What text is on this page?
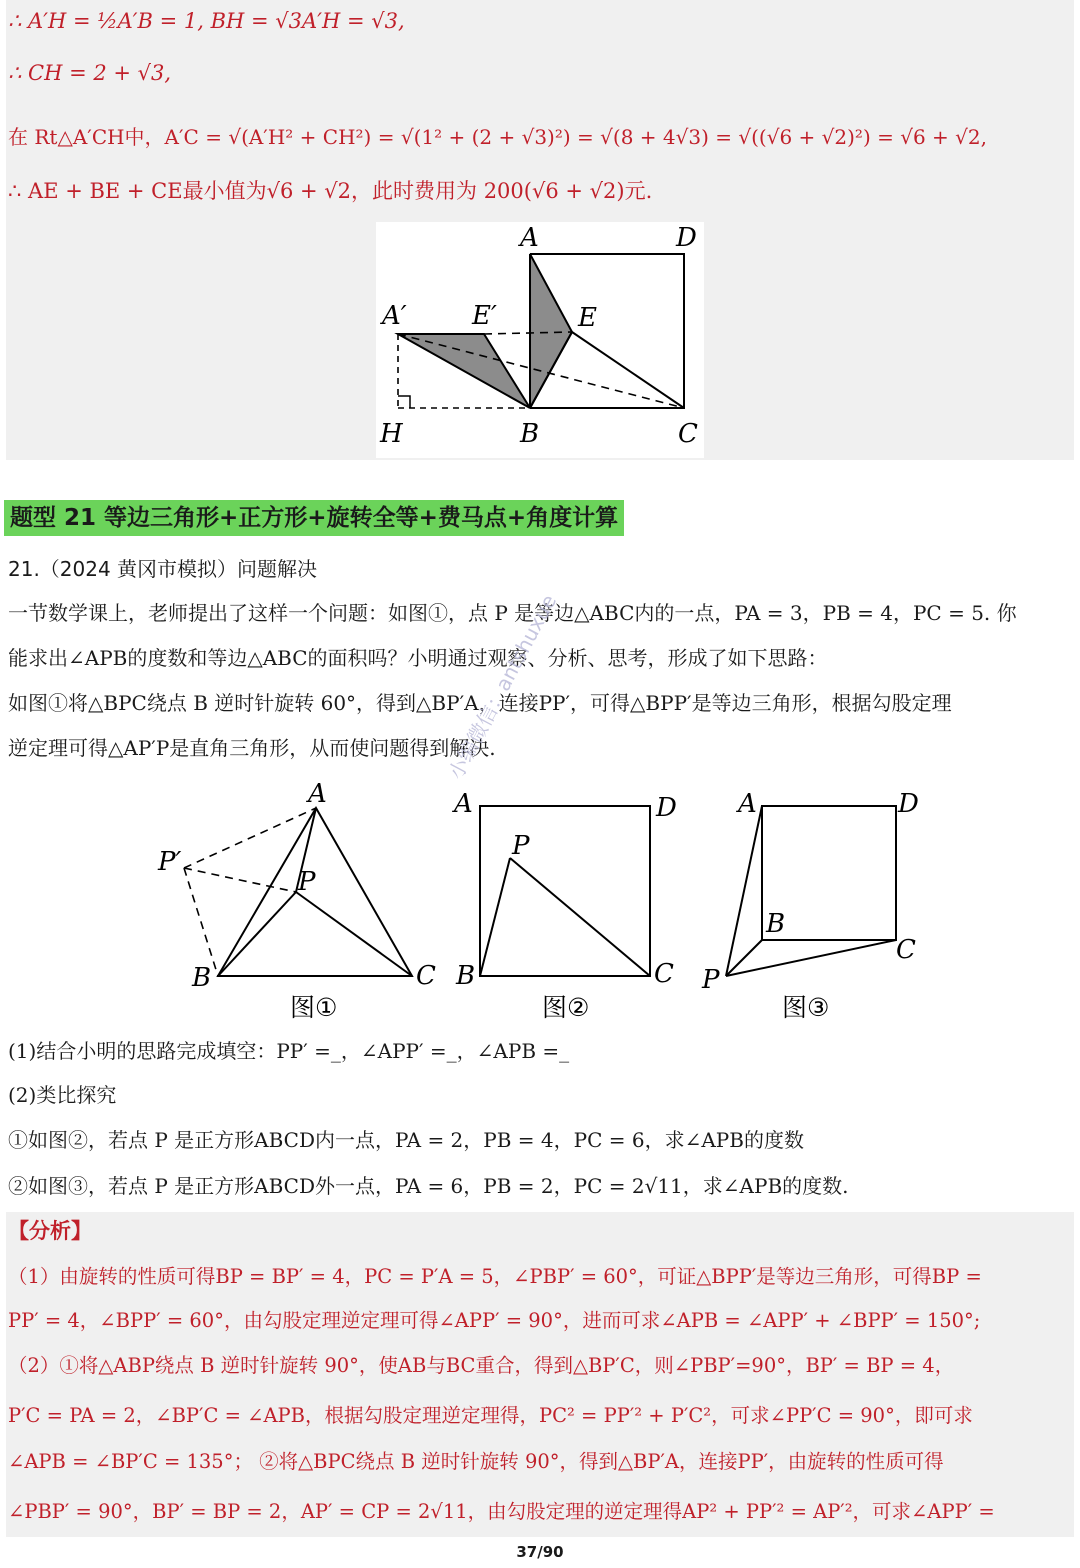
∴ A′H = ½A′B = 1, BH = √3A′H = √3,
∴ CH = 2 + √3,
在 Rt△A′CH中，A′C = √(A′H² + CH²) = √(1² + (2 + √3)²) = √(8 + 4√3) = √((√6 + √2)²) = √6 + √2,
∴ AE + BE + CE最小值为√6 + √2，此时费用为 200(√6 + √2)元.
A	D
A′	E′	E
H	B	C
题型 21 等边三角形+正方形+旋转全等+费马点+角度计算
21.（2024 黄冈市模拟）问题解决
一节数学课上，老师提出了这样一个问题：如图①，点 P 是等边△ABC内的一点，PA = 3，PB = 4，PC = 5. 你
能求出∠APB的度数和等边△ABC的面积吗？小明通过观察、分析、思考，形成了如下思路：
如图①将△BPC绕点 B 逆时针旋转 60°，得到△BP′A，连接PP′，可得△BPP′是等边三角形，根据勾股定理
逆定理可得△AP′P是直角三角形，从而使问题得到解决.
A
P′
P
B	C
图①
A	D
P
B	C
图②
A	D
B
C
P
图③
小编微信：antshuxue
(1)结合小明的思路完成填空：PP′ =_，∠APP′ =_，∠APB =_
(2)类比探究
①如图②，若点 P 是正方形ABCD内一点，PA = 2，PB = 4，PC = 6，求∠APB的度数
②如图③，若点 P 是正方形ABCD外一点，PA = 6，PB = 2，PC = 2√11，求∠APB的度数.
【分析】
（1）由旋转的性质可得BP = BP′ = 4，PC = P′A = 5，∠PBP′ = 60°，可证△BPP′是等边三角形，可得BP =
PP′ = 4，∠BPP′ = 60°，由勾股定理逆定理可得∠APP′ = 90°，进而可求∠APB = ∠APP′ + ∠BPP′ = 150°;
（2）①将△ABP绕点 B 逆时针旋转 90°，使AB与BC重合，得到△BP′C，则∠PBP′=90°，BP′ = BP = 4，
P′C = PA = 2，∠BP′C = ∠APB，根据勾股定理逆定理得，PC² = PP′² + P′C²，可求∠PP′C = 90°，即可求
∠APB = ∠BP′C = 135°； ②将△BPC绕点 B 逆时针旋转 90°，得到△BP′A，连接PP′，由旋转的性质可得
∠PBP′ = 90°，BP′ = BP = 2，AP′ = CP = 2√11，由勾股定理的逆定理得AP² + PP′² = AP′²，可求∠APP′ =
37/90
